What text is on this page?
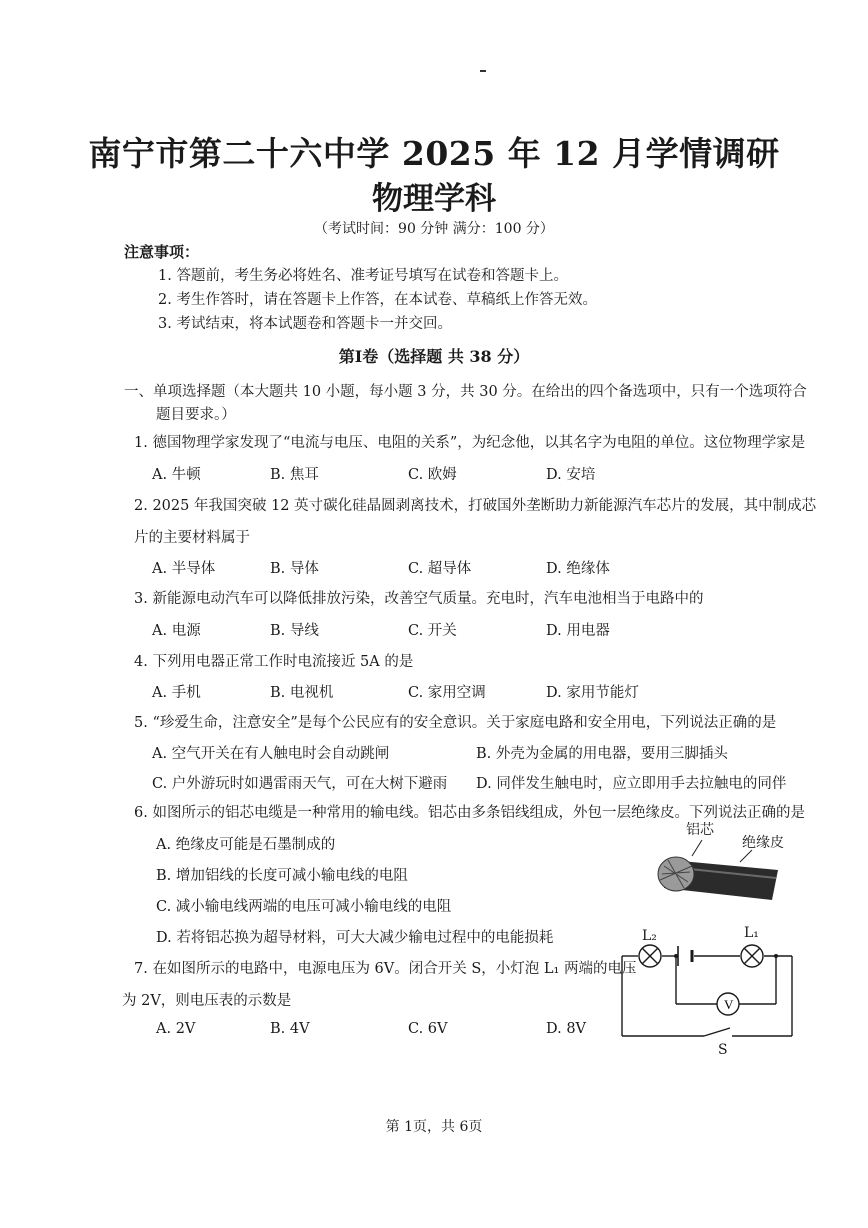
南宁市第二十六中学 2025 年 12 月学情调研
物理学科
（考试时间：90 分钟 满分：100 分）
注意事项：
1. 答题前，考生务必将姓名、准考证号填写在试卷和答题卡上。
2. 考生作答时，请在答题卡上作答，在本试卷、草稿纸上作答无效。
3. 考试结束，将本试题卷和答题卡一并交回。
第Ⅰ卷（选择题 共 38 分）
一、单项选择题（本大题共 10 小题，每小题 3 分，共 30 分。在给出的四个备选项中，只有一个选项符合
题目要求。）
1. 德国物理学家发现了“电流与电压、电阻的关系”，为纪念他，以其名字为电阻的单位。这位物理学家是
A. 牛顿	B. 焦耳	C. 欧姆	D. 安培
2. 2025 年我国突破 12 英寸碳化硅晶圆剥离技术，打破国外垄断助力新能源汽车芯片的发展，其中制成芯
片的主要材料属于
A. 半导体	B. 导体	C. 超导体	D. 绝缘体
3. 新能源电动汽车可以降低排放污染，改善空气质量。充电时，汽车电池相当于电路中的
A. 电源	B. 导线	C. 开关	D. 用电器
4. 下列用电器正常工作时电流接近 5A 的是
A. 手机	B. 电视机	C. 家用空调	D. 家用节能灯
5. “珍爱生命，注意安全”是每个公民应有的安全意识。关于家庭电路和安全用电，下列说法正确的是
A. 空气开关在有人触电时会自动跳闸	B. 外壳为金属的用电器，要用三脚插头
C. 户外游玩时如遇雷雨天气，可在大树下避雨 D. 同伴发生触电时，应立即用手去拉触电的同伴
6. 如图所示的铝芯电缆是一种常用的输电线。铝芯由多条铝线组成，外包一层绝缘皮。下列说法正确的是
A. 绝缘皮可能是石墨制成的
B. 增加铝线的长度可减小输电线的电阻
C. 减小输电线两端的电压可减小输电线的电阻
D. 若将铝芯换为超导材料，可大大减少输电过程中的电能损耗
铝芯
绝缘皮
7. 在如图所示的电路中，电源电压为 6V。闭合开关 S，小灯泡 L₁ 两端的电压
为 2V，则电压表的示数是
A. 2V	B. 4V	C. 6V	D. 8V
V
L₂	L₁
S
第 1页，共 6页
